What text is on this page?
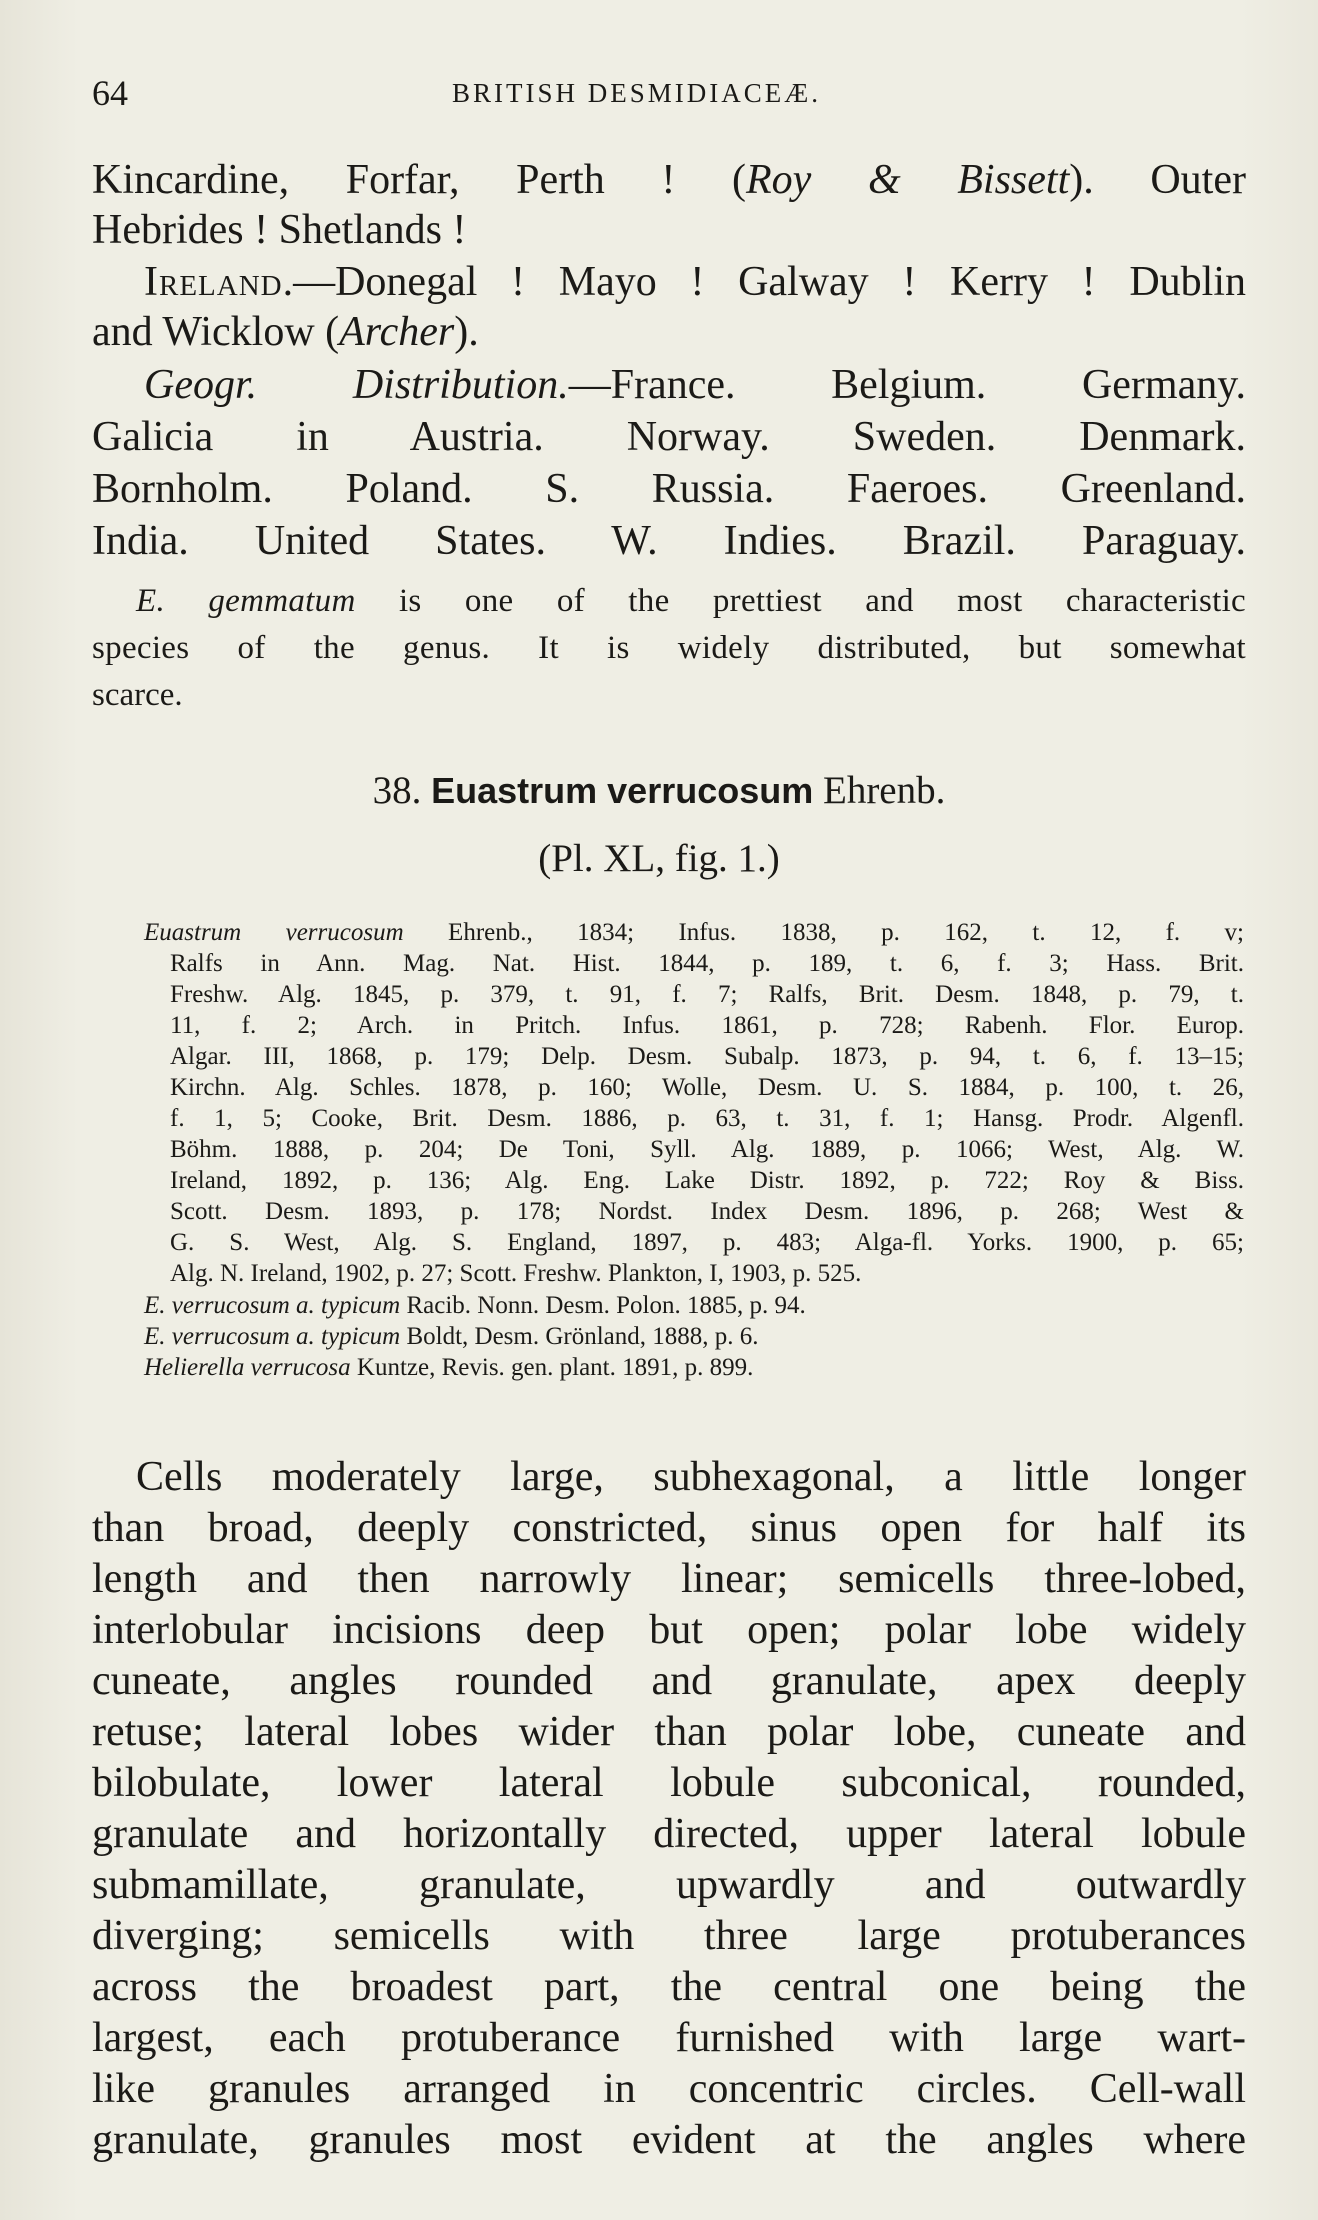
64	BRITISH DESMIDIACEÆ.
Kincardine, Forfar, Perth ! (Roy & Bissett). Outer
Hebrides ! Shetlands !
Ireland.—Donegal ! Mayo ! Galway ! Kerry ! Dublin
and Wicklow (Archer).
Geogr. Distribution.—France. Belgium. Germany.
Galicia in Austria. Norway. Sweden. Denmark.
Bornholm. Poland. S. Russia. Faeroes. Greenland.
India. United States. W. Indies. Brazil. Paraguay.
E. gemmatum is one of the prettiest and most characteristic
species of the genus. It is widely distributed, but somewhat
scarce.
38. Euastrum verrucosum Ehrenb.
(Pl. XL, fig. 1.)
Euastrum verrucosum Ehrenb., 1834; Infus. 1838, p. 162, t. 12, f. v;
Ralfs in Ann. Mag. Nat. Hist. 1844, p. 189, t. 6, f. 3; Hass. Brit.
Freshw. Alg. 1845, p. 379, t. 91, f. 7; Ralfs, Brit. Desm. 1848, p. 79, t.
11, f. 2; Arch. in Pritch. Infus. 1861, p. 728; Rabenh. Flor. Europ.
Algar. III, 1868, p. 179; Delp. Desm. Subalp. 1873, p. 94, t. 6, f. 13–15;
Kirchn. Alg. Schles. 1878, p. 160; Wolle, Desm. U. S. 1884, p. 100, t. 26,
f. 1, 5; Cooke, Brit. Desm. 1886, p. 63, t. 31, f. 1; Hansg. Prodr. Algenfl.
Böhm. 1888, p. 204; De Toni, Syll. Alg. 1889, p. 1066; West, Alg. W.
Ireland, 1892, p. 136; Alg. Eng. Lake Distr. 1892, p. 722; Roy & Biss.
Scott. Desm. 1893, p. 178; Nordst. Index Desm. 1896, p. 268; West &
G. S. West, Alg. S. England, 1897, p. 483; Alga-fl. Yorks. 1900, p. 65;
Alg. N. Ireland, 1902, p. 27; Scott. Freshw. Plankton, I, 1903, p. 525.
E. verrucosum a. typicum Racib. Nonn. Desm. Polon. 1885, p. 94.
E. verrucosum a. typicum Boldt, Desm. Grönland, 1888, p. 6.
Helierella verrucosa Kuntze, Revis. gen. plant. 1891, p. 899.
Cells moderately large, subhexagonal, a little longer
than broad, deeply constricted, sinus open for half its
length and then narrowly linear; semicells three-lobed,
interlobular incisions deep but open; polar lobe widely
cuneate, angles rounded and granulate, apex deeply
retuse; lateral lobes wider than polar lobe, cuneate and
bilobulate, lower lateral lobule subconical, rounded,
granulate and horizontally directed, upper lateral lobule
submamillate, granulate, upwardly and outwardly
diverging; semicells with three large protuberances
across the broadest part, the central one being the
largest, each protuberance furnished with large wart-
like granules arranged in concentric circles. Cell-wall
granulate, granules most evident at the angles where
